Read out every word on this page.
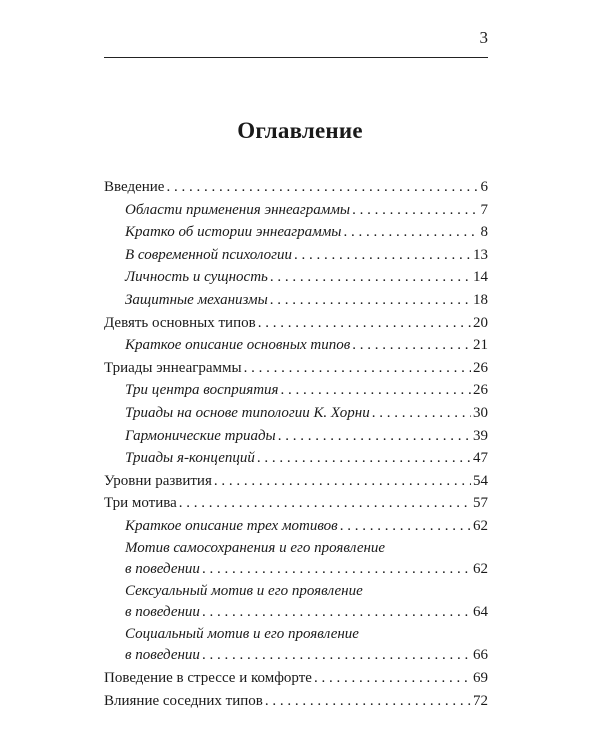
3
Оглавление
Введение . . .	6
Области применения эннеаграммы . . .	7
Кратко об истории эннеаграммы . . .	8
В современной психологии . . .	13
Личность и сущность . . .	14
Защитные механизмы . . .	18
Девять основных типов . . .	20
Краткое описание основных типов . . .	21
Триады эннеаграммы . . .	26
Три центра восприятия . . .	26
Триады на основе типологии К. Хорни . . .	30
Гармонические триады . . .	39
Триады я-концепций . . .	47
Уровни развития . . .	54
Три мотива . . .	57
Краткое описание трех мотивов . . .	62
Мотив самосохранения и его проявление
в поведении . . .	62
Сексуальный мотив и его проявление
в поведении . . .	64
Социальный мотив и его проявление
в поведении . . .	66
Поведение в стрессе и комфорте . . .	69
Влияние соседних типов . . .	72
